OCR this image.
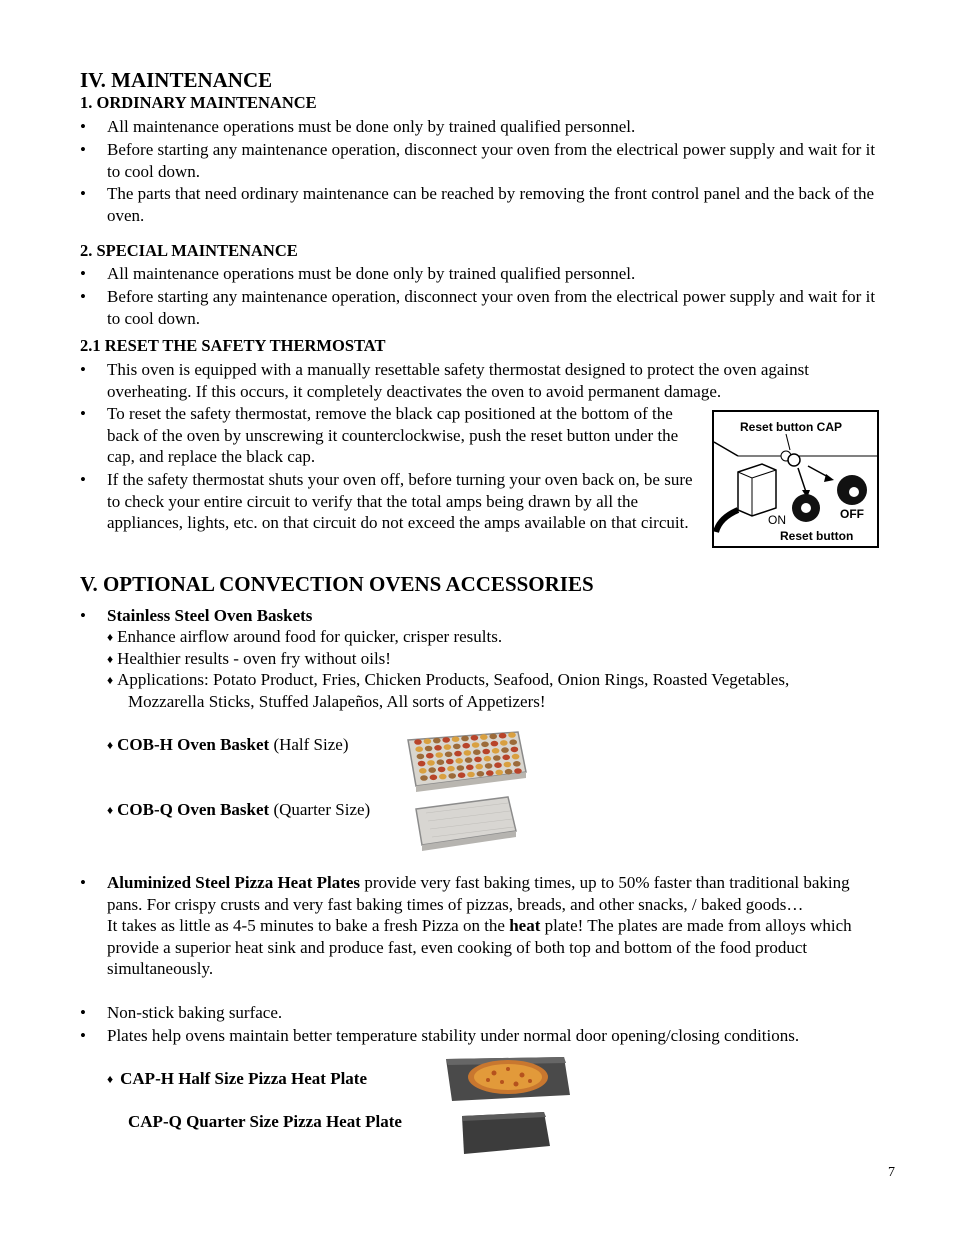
IV. MAINTENANCE
1. ORDINARY MAINTENANCE
•	All maintenance operations must be done only by trained qualified personnel.
•	Before starting any maintenance operation, disconnect your oven from the electrical power supply and wait for it to cool down.
•	The parts that need ordinary maintenance can be reached by removing the front control panel and the back of the oven.
2. SPECIAL MAINTENANCE
•	All maintenance operations must be done only by trained qualified personnel.
•	Before starting any maintenance operation, disconnect your oven from the electrical power supply and wait for it to cool down.
2.1 RESET THE SAFETY THERMOSTAT
•	This oven is equipped with a manually resettable safety thermostat designed to protect the oven against overheating. If this occurs, it completely deactivates the oven to avoid permanent damage.
•	To reset the safety thermostat, remove the black cap positioned at the bottom of the back of the oven by unscrewing it counterclockwise, push the reset button under the cap, and replace the black cap.
•	If the safety thermostat shuts your oven off, before turning your oven back on, be sure to check your entire circuit to verify that the total amps being drawn by all the appliances, lights, etc. on that circuit do not exceed the amps available on that circuit.
Reset button CAP
ON	OFF
Reset button
V. OPTIONAL CONVECTION OVENS ACCESSORIES
•	Stainless Steel Oven Baskets
♦ Enhance airflow around food for quicker, crisper results.
♦ Healthier results - oven fry without oils!
♦ Applications: Potato Product, Fries, Chicken Products, Seafood, Onion Rings, Roasted Vegetables,
Mozzarella Sticks, Stuffed Jalapeños, All sorts of Appetizers!
♦ COB-H Oven Basket (Half Size)
♦ COB-Q Oven Basket (Quarter Size)
•	Aluminized Steel Pizza Heat Plates provide very fast baking times, up to 50% faster than traditional baking pans. For crispy crusts and very fast baking times of pizzas, breads, and other snacks, / baked goods…
It takes as little as 4-5 minutes to bake a fresh Pizza on the heat plate! The plates are made from alloys which provide a superior heat sink and produce fast, even cooking of both top and bottom of the food product simultaneously.
•	Non-stick baking surface.
•	Plates help ovens maintain better temperature stability under normal door opening/closing conditions.
♦ CAP-H Half Size Pizza Heat Plate
CAP-Q Quarter Size Pizza Heat Plate
7
